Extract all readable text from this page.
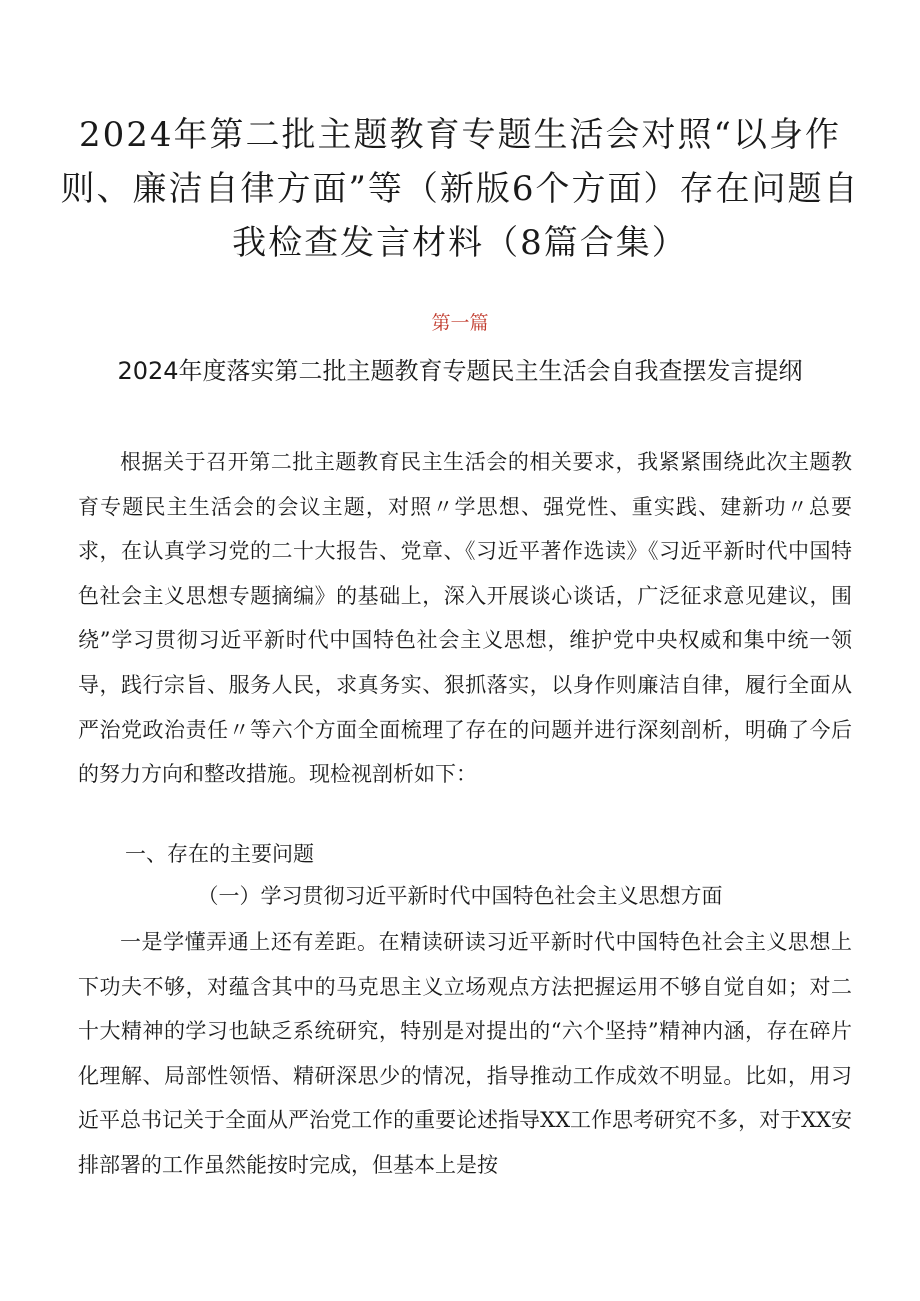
2024年第二批主题教育专题生活会对照“以身作则、廉洁自律方面”等（新版6个方面）存在问题自我检查发言材料（8篇合集）
第一篇
2024年度落实第二批主题教育专题民主生活会自我查摆发言提纲

根据关于召开第二批主题教育民主生活会的相关要求，我紧紧围绕此次主题教育专题民主生活会的会议主题，对照〃学思想、强党性、重实践、建新功〃总要求，在认真学习党的二十大报告、党章、《习近平著作选读》《习近平新时代中国特色社会主义思想专题摘编》的基础上，深入开展谈心谈话，广泛征求意见建议，围绕”学习贯彻习近平新时代中国特色社会主义思想，维护党中央权威和集中统一领导，践行宗旨、服务人民，求真务实、狠抓落实，以身作则廉洁自律，履行全面从严治党政治责任〃等六个方面全面梳理了存在的问题并进行深刻剖析，明确了今后的努力方向和整改措施。现检视剖析如下：

一、存在的主要问题
（一）学习贯彻习近平新时代中国特色社会主义思想方面

一是学懂弄通上还有差距。在精读研读习近平新时代中国特色社会主义思想上下功夫不够，对蕴含其中的马克思主义立场观点方法把握运用不够自觉自如；对二十大精神的学习也缺乏系统研究，特别是对提出的“六个坚持”精神内涵，存在碎片化理解、局部性领悟、精研深思少的情况，指导推动工作成效不明显。比如，用习近平总书记关于全面从严治党工作的重要论述指导XX工作思考研究不多，对于XX安排部署的工作虽然能按时完成，但基本上是按
